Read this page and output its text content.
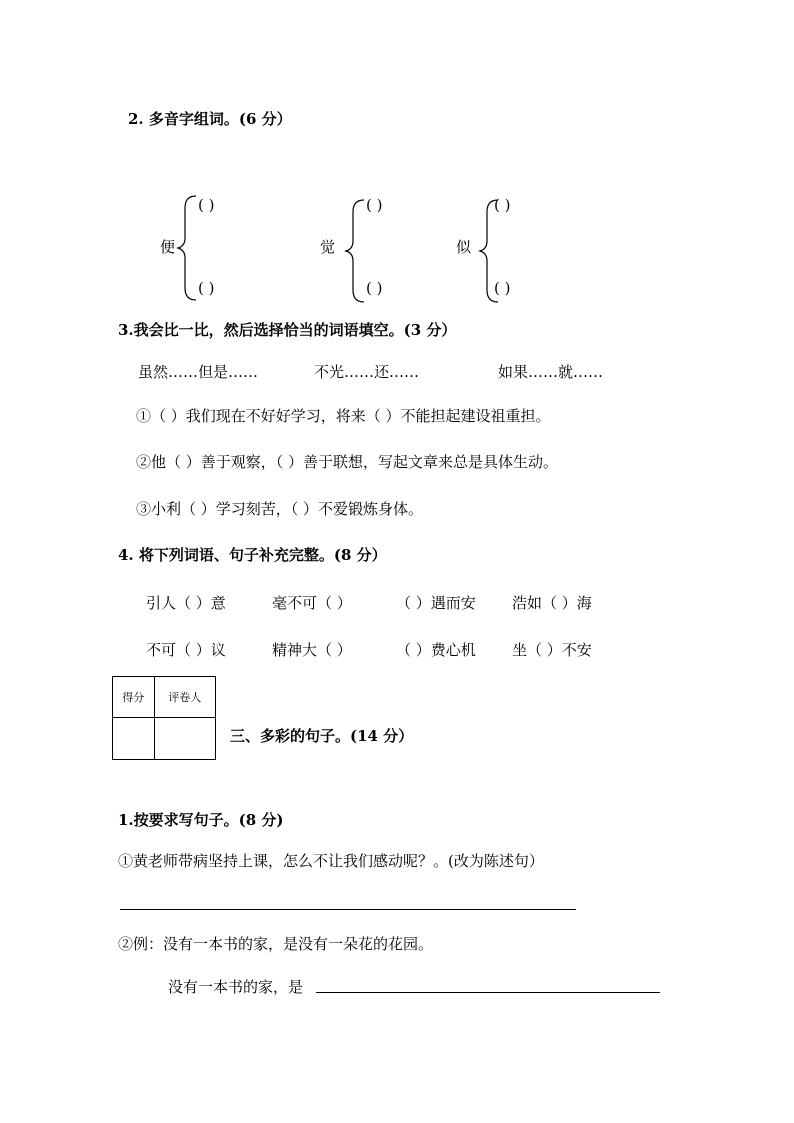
2. 多音字组词。(6 分）
便
( )
( )
觉
( )
( )
似
( )
( )
3.我会比一比，然后选择恰当的词语填空。(3 分）
虽然……但是……	不光……还……	如果……就……
①（ ）我们现在不好好学习，将来（ ）不能担起建设祖重担。
②他（ ）善于观察，（ ）善于联想，写起文章来总是具体生动。
③小利（ ）学习刻苦，（ ）不爱锻炼身体。
4. 将下列词语、句子补充完整。(8 分）
引人（ ）意	毫不可（ ）	（ ）遇而安 浩如（ ）海
不可（ ）议	精神大（ ）	（ ）费心机 坐（ ）不安
得分	评卷人

三、多彩的句子。(14 分）
1.按要求写句子。(8 分)
①黄老师带病坚持上课，怎么不让我们感动呢？。(改为陈述句）
②例：没有一本书的家，是没有一朵花的花园。
没有一本书的家，是
